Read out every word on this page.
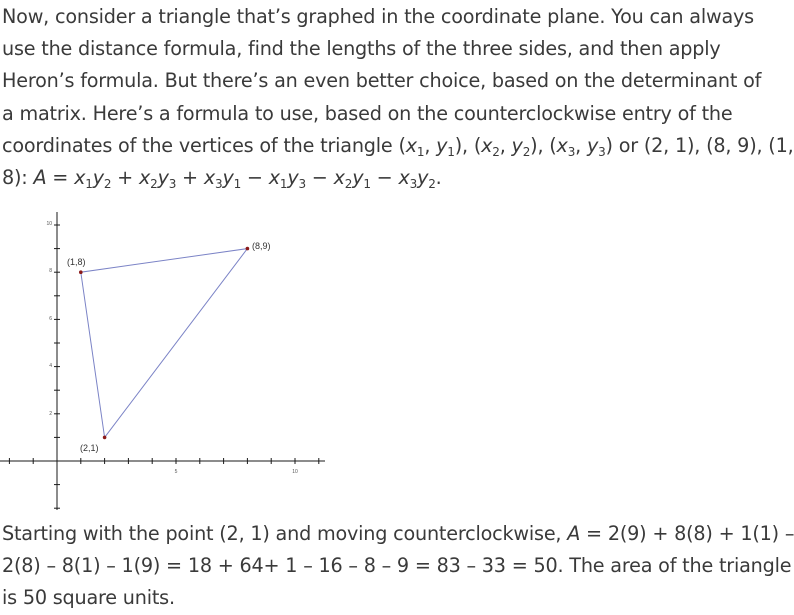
Now, consider a triangle that’s graphed in the coordinate plane. You can always
use the distance formula, find the lengths of the three sides, and then apply
Heron’s formula. But there’s an even better choice, based on the determinant of
a matrix. Here’s a formula to use, based on the counterclockwise entry of the
coordinates of the vertices of the triangle ($x_1$, $y_1$), ($x_2$, $y_2$), ($x_3$, $y_3$) or (2, 1), (8, 9), (1,
8): $A = x_1y_2 + x_2y_3 + x_3y_1 - x_1y_3 - x_2y_1 - x_3y_2$.
5	10
10
8
6
4
2
(2,1)
(8,9)
(1,8)
Starting with the point (2, 1) and moving counterclockwise, A = 2(9) + 8(8) + 1(1) –
2(8) – 8(1) – 1(9) = 18 + 64+ 1 – 16 – 8 – 9 = 83 – 33 = 50. The area of the triangle
is 50 square units.
